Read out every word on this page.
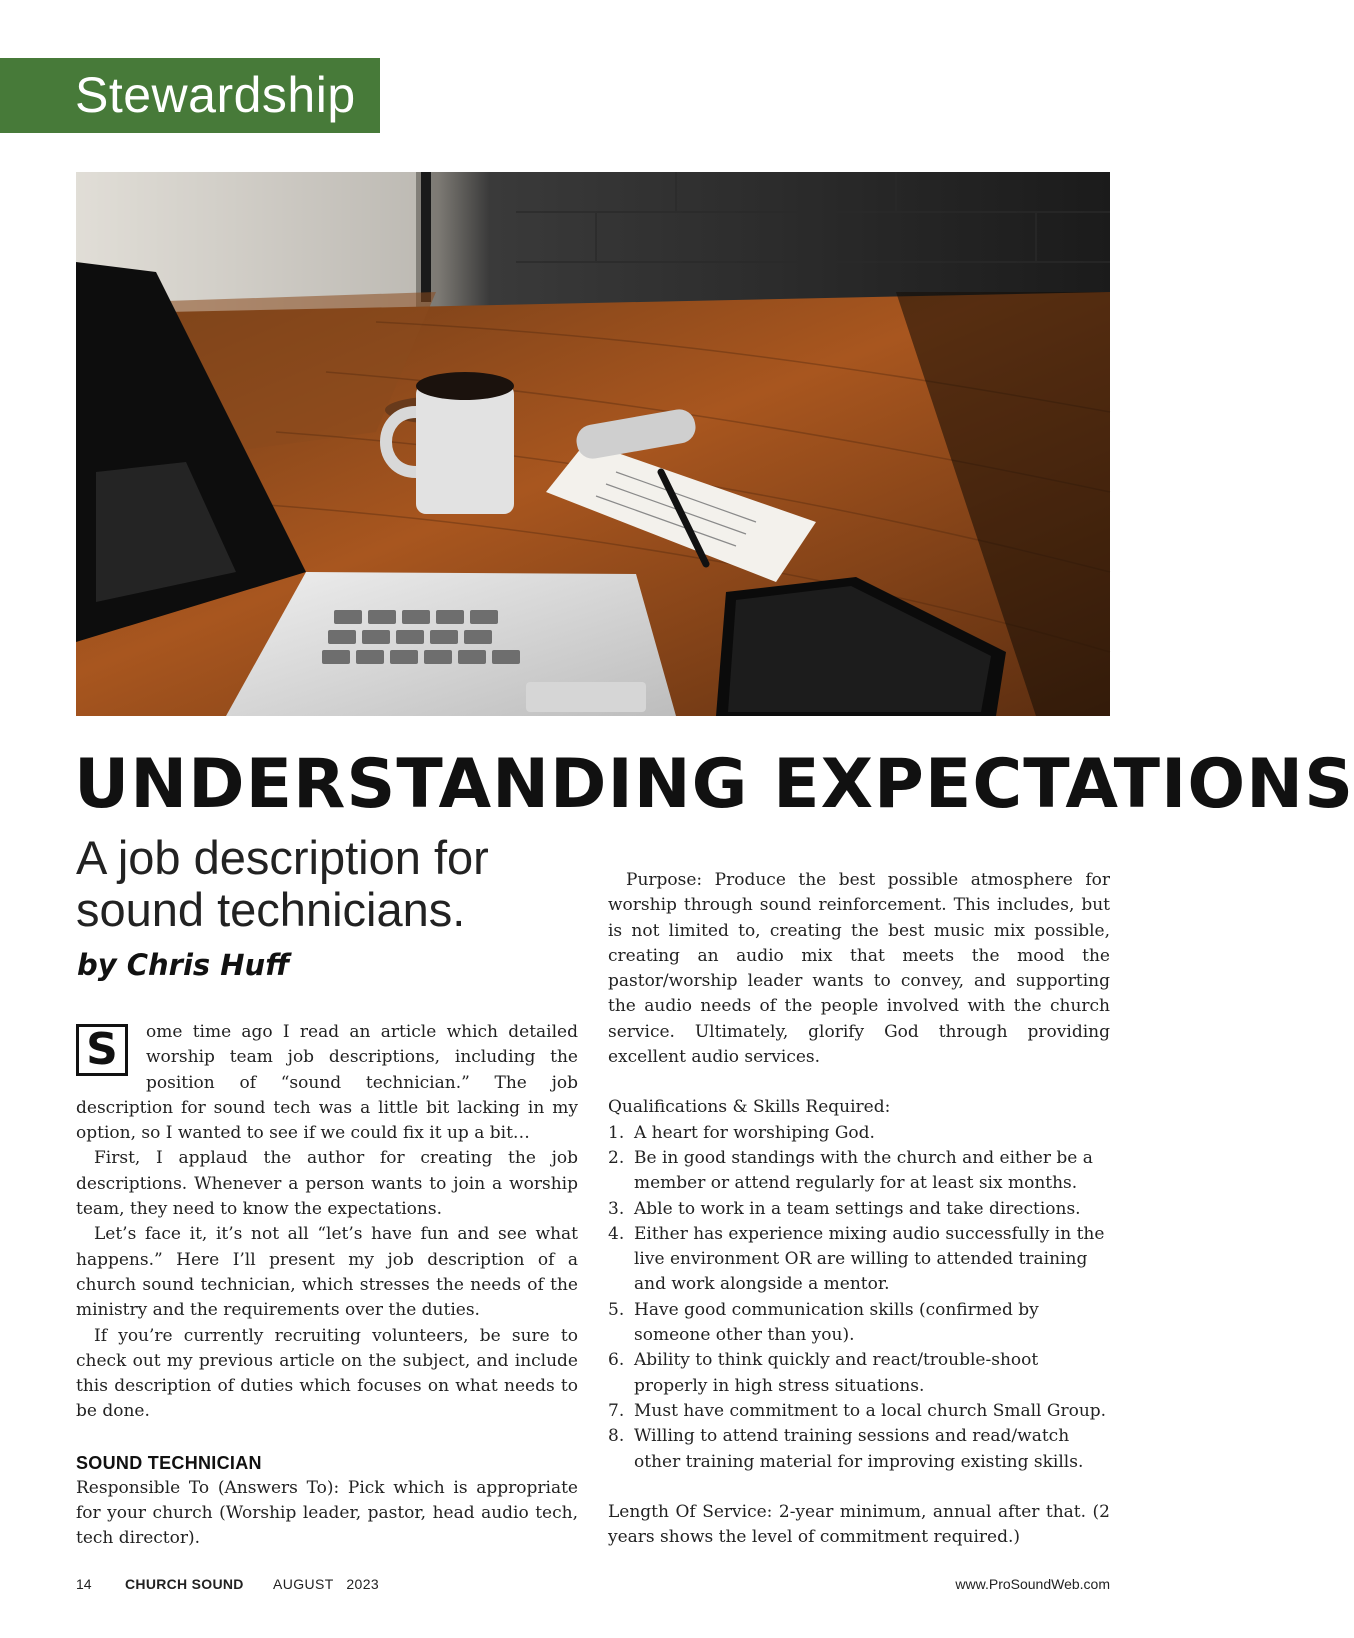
Stewardship
UNDERSTANDING EXPECTATIONS
A job description for sound technicians.
by Chris Huff

S	ome time ago I read an article which detailed worship team job descriptions, including the position of “sound technician.” The job description for sound tech was a little bit lacking in my option, so I wanted to see if we could fix it up a bit…

First, I applaud the author for creating the job descriptions. Whenever a person wants to join a worship team, they need to know the expectations.

Let’s face it, it’s not all “let’s have fun and see what happens.” Here I’ll present my job description of a church sound technician, which stresses the needs of the ministry and the requirements over the duties.

If you’re currently recruiting volunteers, be sure to check out my previous article on the subject, and include this description of duties which focuses on what needs to be done.

SOUND TECHNICIAN

Responsible To (Answers To): Pick which is appropriate for your church (Worship leader, pastor, head audio tech, tech director).

Purpose: Produce the best possible atmosphere for worship through sound reinforcement. This includes, but is not limited to, creating the best music mix possible, creating an audio mix that meets the mood the pastor/worship leader wants to convey, and supporting the audio needs of the people involved with the church service. Ultimately, glorify God through providing excellent audio services.

Qualifications & Skills Required:

1. A heart for worshiping God.
2. Be in good standings with the church and either be a member or attend regularly for at least six months.
3. Able to work in a team settings and take directions.
4. Either has experience mixing audio successfully in the live environment OR are willing to attended training and work alongside a mentor.
5. Have good communication skills (confirmed by someone other than you).
6. Ability to think quickly and react/trouble-shoot properly in high stress situations.
7. Must have commitment to a local church Small Group.
8. Willing to attend training sessions and read/watch other training material for improving existing skills.

Length Of Service: 2-year minimum, annual after that. (2 years shows the level of commitment required.)

14 CHURCH SOUND AUGUST   2023	www.ProSoundWeb.com
